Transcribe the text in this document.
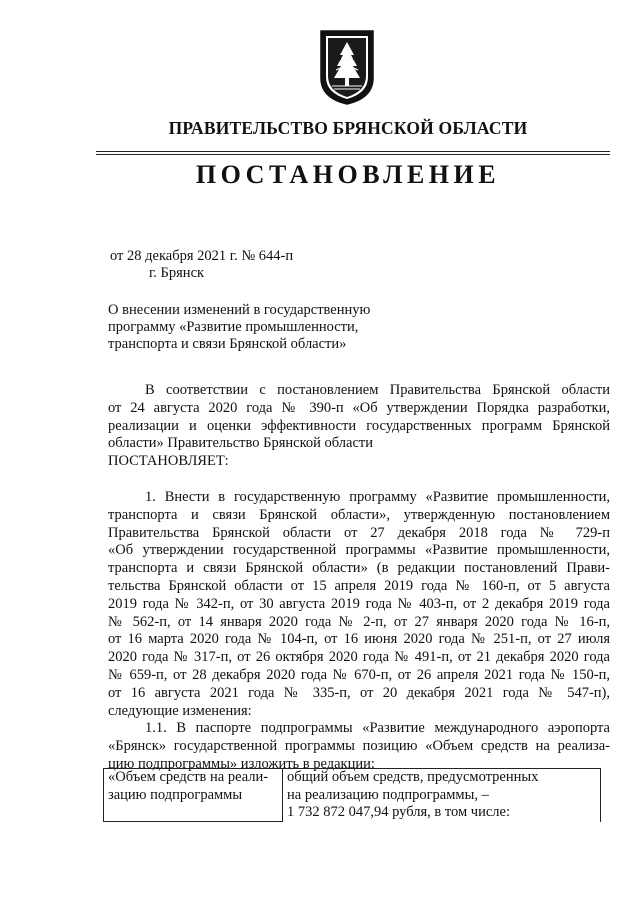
ПРАВИТЕЛЬСТВО БРЯНСКОЙ ОБЛАСТИ
ПОСТАНОВЛЕНИЕ
от 28 декабря 2021 г. № 644-п
г. Брянск
О внесении изменений в государственную
программу «Развитие промышленности,
транспорта и связи Брянской области»
В соответствии с постановлением Правительства Брянской области
от 24 августа 2020 года № 390-п «Об утверждении Порядка разработки,
реализации и оценки эффективности государственных программ Брянской
области» Правительство Брянской области
ПОСТАНОВЛЯЕТ:
1. Внести в государственную программу «Развитие промышленности,
транспорта и связи Брянской области», утвержденную постановлением
Правительства Брянской области от 27 декабря 2018 года № 729-п
«Об утверждении государственной программы «Развитие промышленности,
транспорта и связи Брянской области» (в редакции постановлений Прави-
тельства Брянской области от 15 апреля 2019 года № 160-п, от 5 августа
2019 года № 342-п, от 30 августа 2019 года № 403-п, от 2 декабря 2019 года
№ 562-п, от 14 января 2020 года № 2-п, от 27 января 2020 года № 16-п,
от 16 марта 2020 года № 104-п, от 16 июня 2020 года № 251-п, от 27 июля
2020 года № 317-п, от 26 октября 2020 года № 491-п, от 21 декабря 2020 года
№ 659-п, от 28 декабря 2020 года № 670-п, от 26 апреля 2021 года № 150-п,
от 16 августа 2021 года № 335-п, от 20 декабря 2021 года № 547-п),
следующие изменения:
1.1. В паспорте подпрограммы «Развитие международного аэропорта
«Брянск» государственной программы позицию «Объем средств на реализа-
цию подпрограммы» изложить в редакции:
«Объем средств на реали-
зацию подпрограммы

общий объем средств, предусмотренных
на реализацию подпрограммы, –
1 732 872 047,94 рубля, в том числе:
